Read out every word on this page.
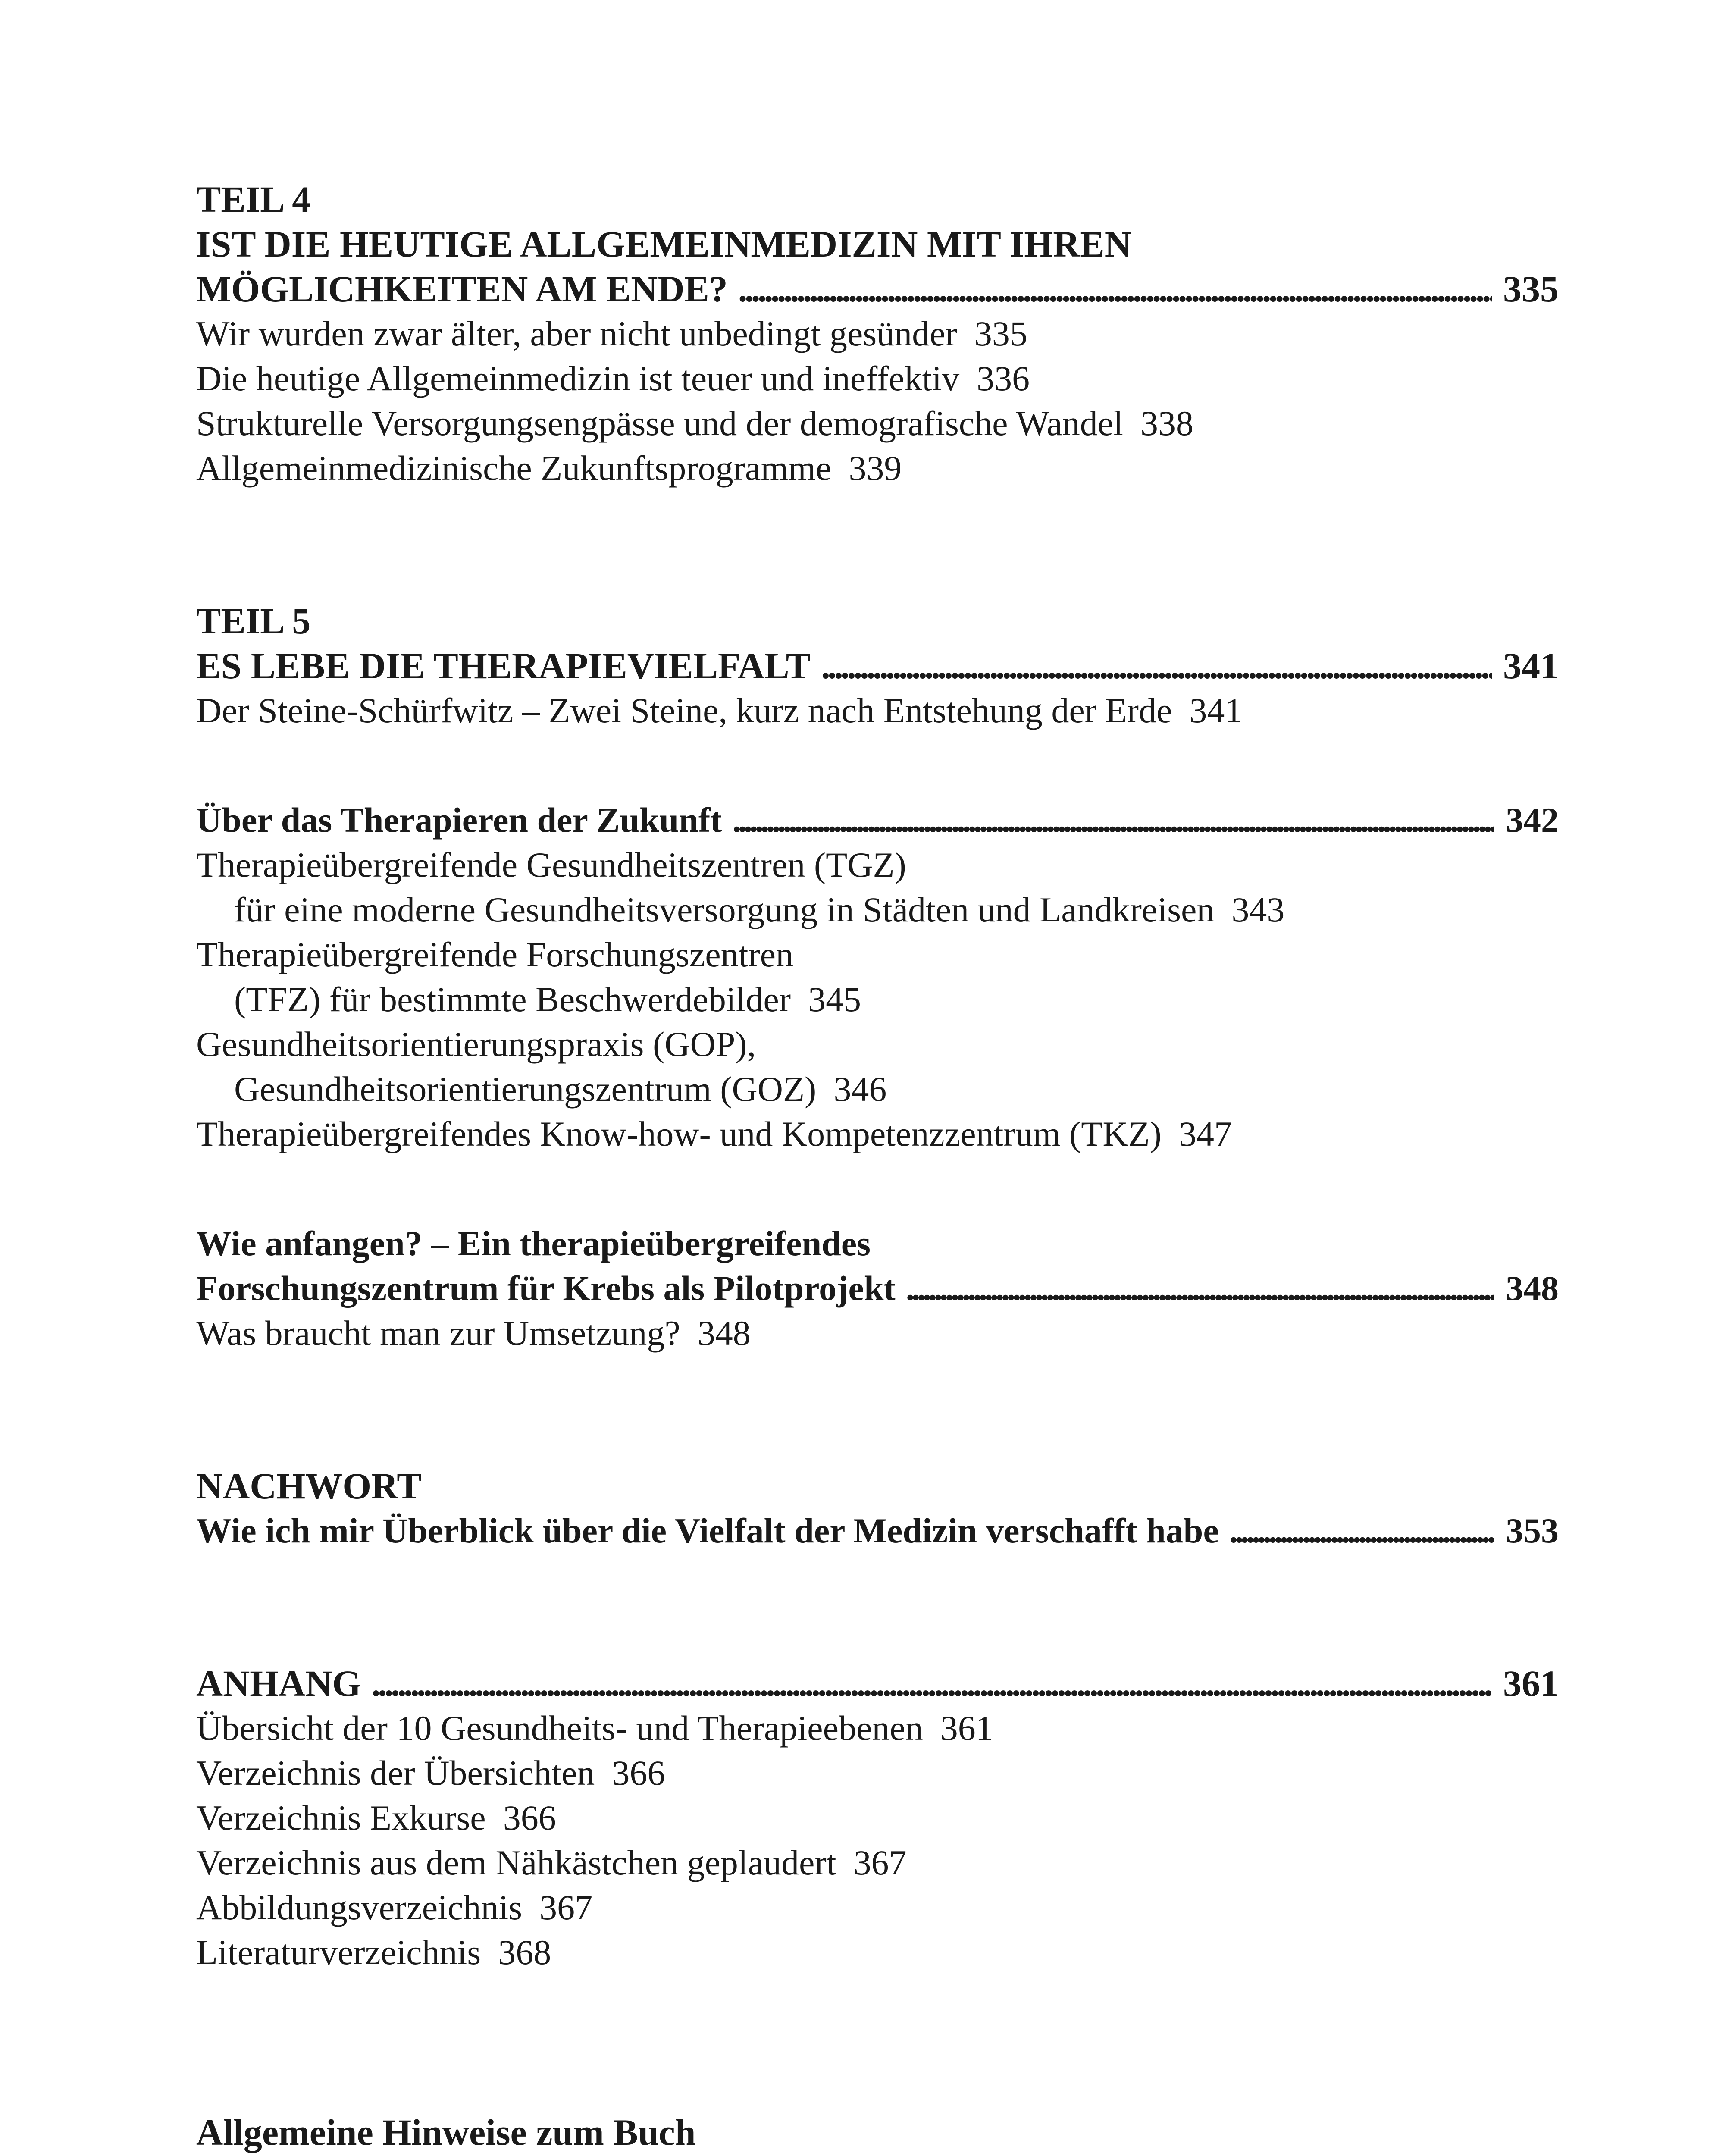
TEIL 4
IST DIE HEUTIGE ALLGEMEINMEDIZIN MIT IHREN
MÖGLICHKEITEN AM ENDE? . . .	335
Wir wurden zwar älter, aber nicht unbedingt gesünder 335
Die heutige Allgemeinmedizin ist teuer und ineffektiv 336
Strukturelle Versorgungsengpässe und der demografische Wandel 338
Allgemeinmedizinische Zukunftsprogramme 339
TEIL 5
ES LEBE DIE THERAPIEVIELFALT . . .	341
Der Steine-Schürfwitz – Zwei Steine, kurz nach Entstehung der Erde 341
Über das Therapieren der Zukunft . . .	342
Therapieübergreifende Gesundheitszentren (TGZ)
für eine moderne Gesundheitsversorgung in Städten und Landkreisen 343
Therapieübergreifende Forschungszentren
(TFZ) für bestimmte Beschwerdebilder 345
Gesundheitsorientierungspraxis (GOP),
Gesundheitsorientierungszentrum (GOZ) 346
Therapieübergreifendes Know-how- und Kompetenzzentrum (TKZ) 347
Wie anfangen? – Ein therapieübergreifendes
Forschungszentrum für Krebs als Pilotprojekt . . .	348
Was braucht man zur Umsetzung? 348
NACHWORT
Wie ich mir Überblick über die Vielfalt der Medizin verschafft habe . . .	353
ANHANG . . .	361
Übersicht der 10 Gesundheits- und Therapieebenen 361
Verzeichnis der Übersichten 366
Verzeichnis Exkurse 366
Verzeichnis aus dem Nähkästchen geplaudert 367
Abbildungsverzeichnis 367
Literaturverzeichnis 368
Allgemeine Hinweise zum Buch
